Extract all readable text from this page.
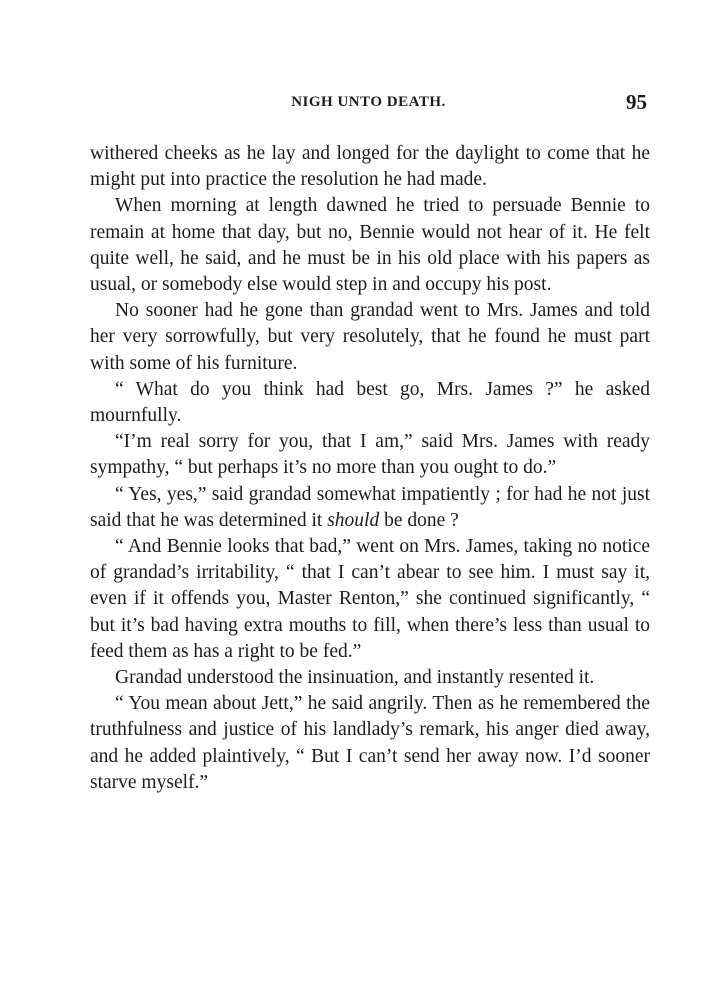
NIGH UNTO DEATH.	95

withered cheeks as he lay and longed for the daylight to come that he might put into practice the resolution he had made.

When morning at length dawned he tried to persuade Bennie to remain at home that day, but no, Bennie would not hear of it. He felt quite well, he said, and he must be in his old place with his papers as usual, or somebody else would step in and occupy his post.

No sooner had he gone than grandad went to Mrs. James and told her very sorrowfully, but very resolutely, that he found he must part with some of his furniture.

“ What do you think had best go, Mrs. James ?” he asked mournfully.

“I’m real sorry for you, that I am,” said Mrs. James with ready sympathy, “ but perhaps it’s no more than you ought to do.”

“ Yes, yes,” said grandad somewhat impatiently ; for had he not just said that he was determined it should be done ?

“ And Bennie looks that bad,” went on Mrs. James, taking no notice of grandad’s irritability, “ that I can’t abear to see him. I must say it, even if it offends you, Master Renton,” she continued significantly, “ but it’s bad having extra mouths to fill, when there’s less than usual to feed them as has a right to be fed.”

Grandad understood the insinuation, and instantly resented it.

“ You mean about Jett,” he said angrily. Then as he remembered the truthfulness and justice of his landlady’s remark, his anger died away, and he added plaintively, “ But I can’t send her away now. I’d sooner starve myself.”
